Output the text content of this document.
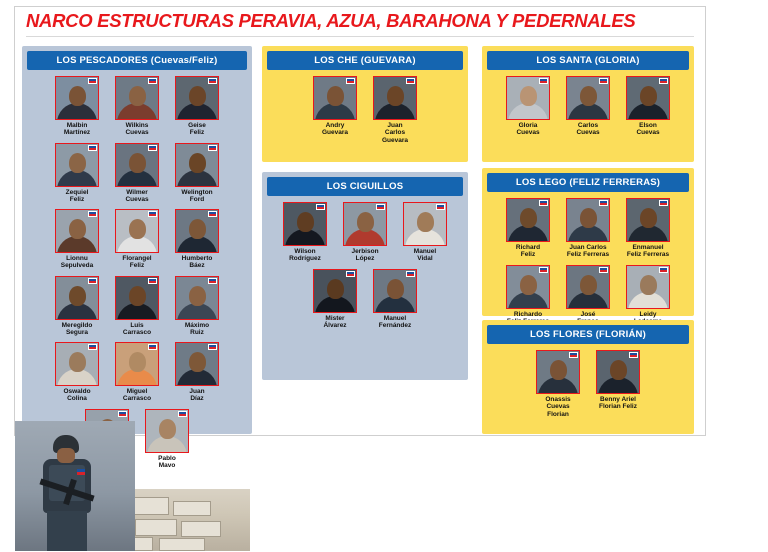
NARCO ESTRUCTURAS PERAVIA, AZUA, BARAHONA Y PEDERNALES
LOS PESCADORES (Cuevas/Feliz)
Malbin
Martínez
Wilkins
Cuevas
Geise
Feliz
Zequiel
Feliz
Wilmer
Cuevas
Welington
Ford
Lionnu
Sepulveda
Florangel
Feliz
Humberto
Báez
Meregildo
Segura
Luis
Carrasco
Máximo
Ruiz
Oswaldo
Colina
Miguel
Carrasco
Juan
Díaz

Pablo
Mavo
LOS CHE (GUEVARA)
Andry
Guevara
Juan
Carlos
Guevara
LOS CIGUILLOS
Wilson
Rodríguez
Jerbison
López
Manuel
Vidal
Mister
Álvarez
Manuel
Fernández
LOS SANTA (GLORIA)
Gloria
Cuevas
Carlos
Cuevas
Elson
Cuevas
LOS LEGO (FELIZ FERRERAS)
Richard
Feliz
Juan Carlos
Feliz Ferreras
Enmanuel
Feliz Ferreras
Richardo	José	Leidy

LOS FLORES (FLORIÁN)
Onassis
Cuevas
Florian
Benny Ariel
Florian Feliz
